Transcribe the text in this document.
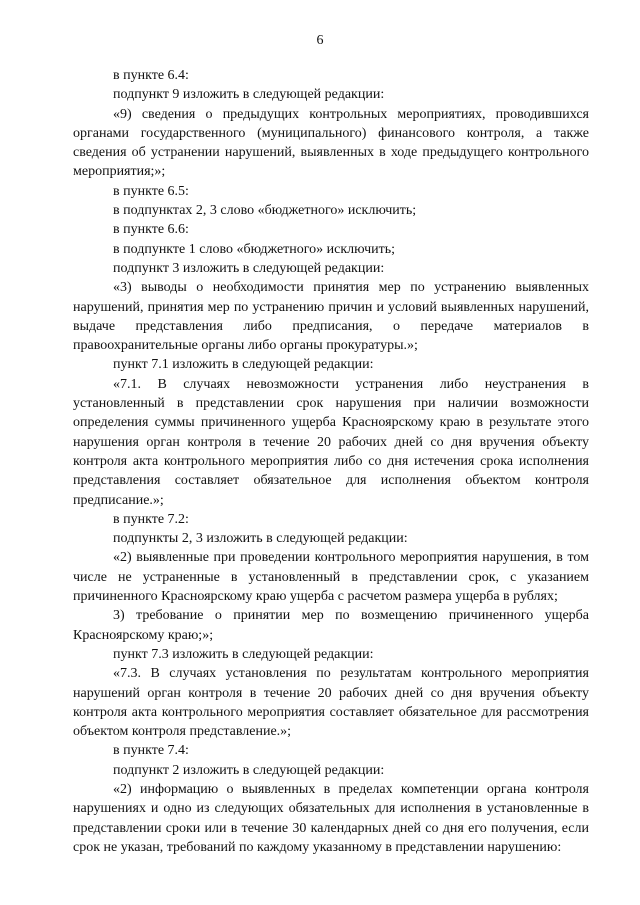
6

в пункте 6.4:

подпункт 9 изложить в следующей редакции:

«9) сведения о предыдущих контрольных мероприятиях, проводившихся органами государственного (муниципального) финансового контроля, а также сведения об устранении нарушений, выявленных в ходе предыдущего контрольного мероприятия;»;

в пункте 6.5:

в подпунктах 2, 3 слово «бюджетного» исключить;

в пункте 6.6:

в подпункте 1 слово «бюджетного» исключить;

подпункт 3 изложить в следующей редакции:

«3) выводы о необходимости принятия мер по устранению выявленных нарушений, принятия мер по устранению причин и условий выявленных нарушений, выдаче представления либо предписания, о передаче материалов в правоохранительные органы либо органы прокуратуры.»;

пункт 7.1 изложить в следующей редакции:

«7.1. В случаях невозможности устранения либо неустранения в установленный в представлении срок нарушения при наличии возможности определения суммы причиненного ущерба Красноярскому краю в результате этого нарушения орган контроля в течение 20 рабочих дней со дня вручения объекту контроля акта контрольного мероприятия либо со дня истечения срока исполнения представления составляет обязательное для исполнения объектом контроля предписание.»;

в пункте 7.2:

подпункты 2, 3 изложить в следующей редакции:

«2) выявленные при проведении контрольного мероприятия нарушения, в том числе не устраненные в установленный в представлении срок, с указанием причиненного Красноярскому краю ущерба с расчетом размера ущерба в рублях;

3) требование о принятии мер по возмещению причиненного ущерба Красноярскому краю;»;

пункт 7.3 изложить в следующей редакции:

«7.3. В случаях установления по результатам контрольного мероприятия нарушений орган контроля в течение 20 рабочих дней со дня вручения объекту контроля акта контрольного мероприятия составляет обязательное для рассмотрения объектом контроля представление.»;

в пункте 7.4:

подпункт 2 изложить в следующей редакции:

«2) информацию о выявленных в пределах компетенции органа контроля нарушениях и одно из следующих обязательных для исполнения в установленные в представлении сроки или в течение 30 календарных дней со дня его получения, если срок не указан, требований по каждому указанному в представлении нарушению:
